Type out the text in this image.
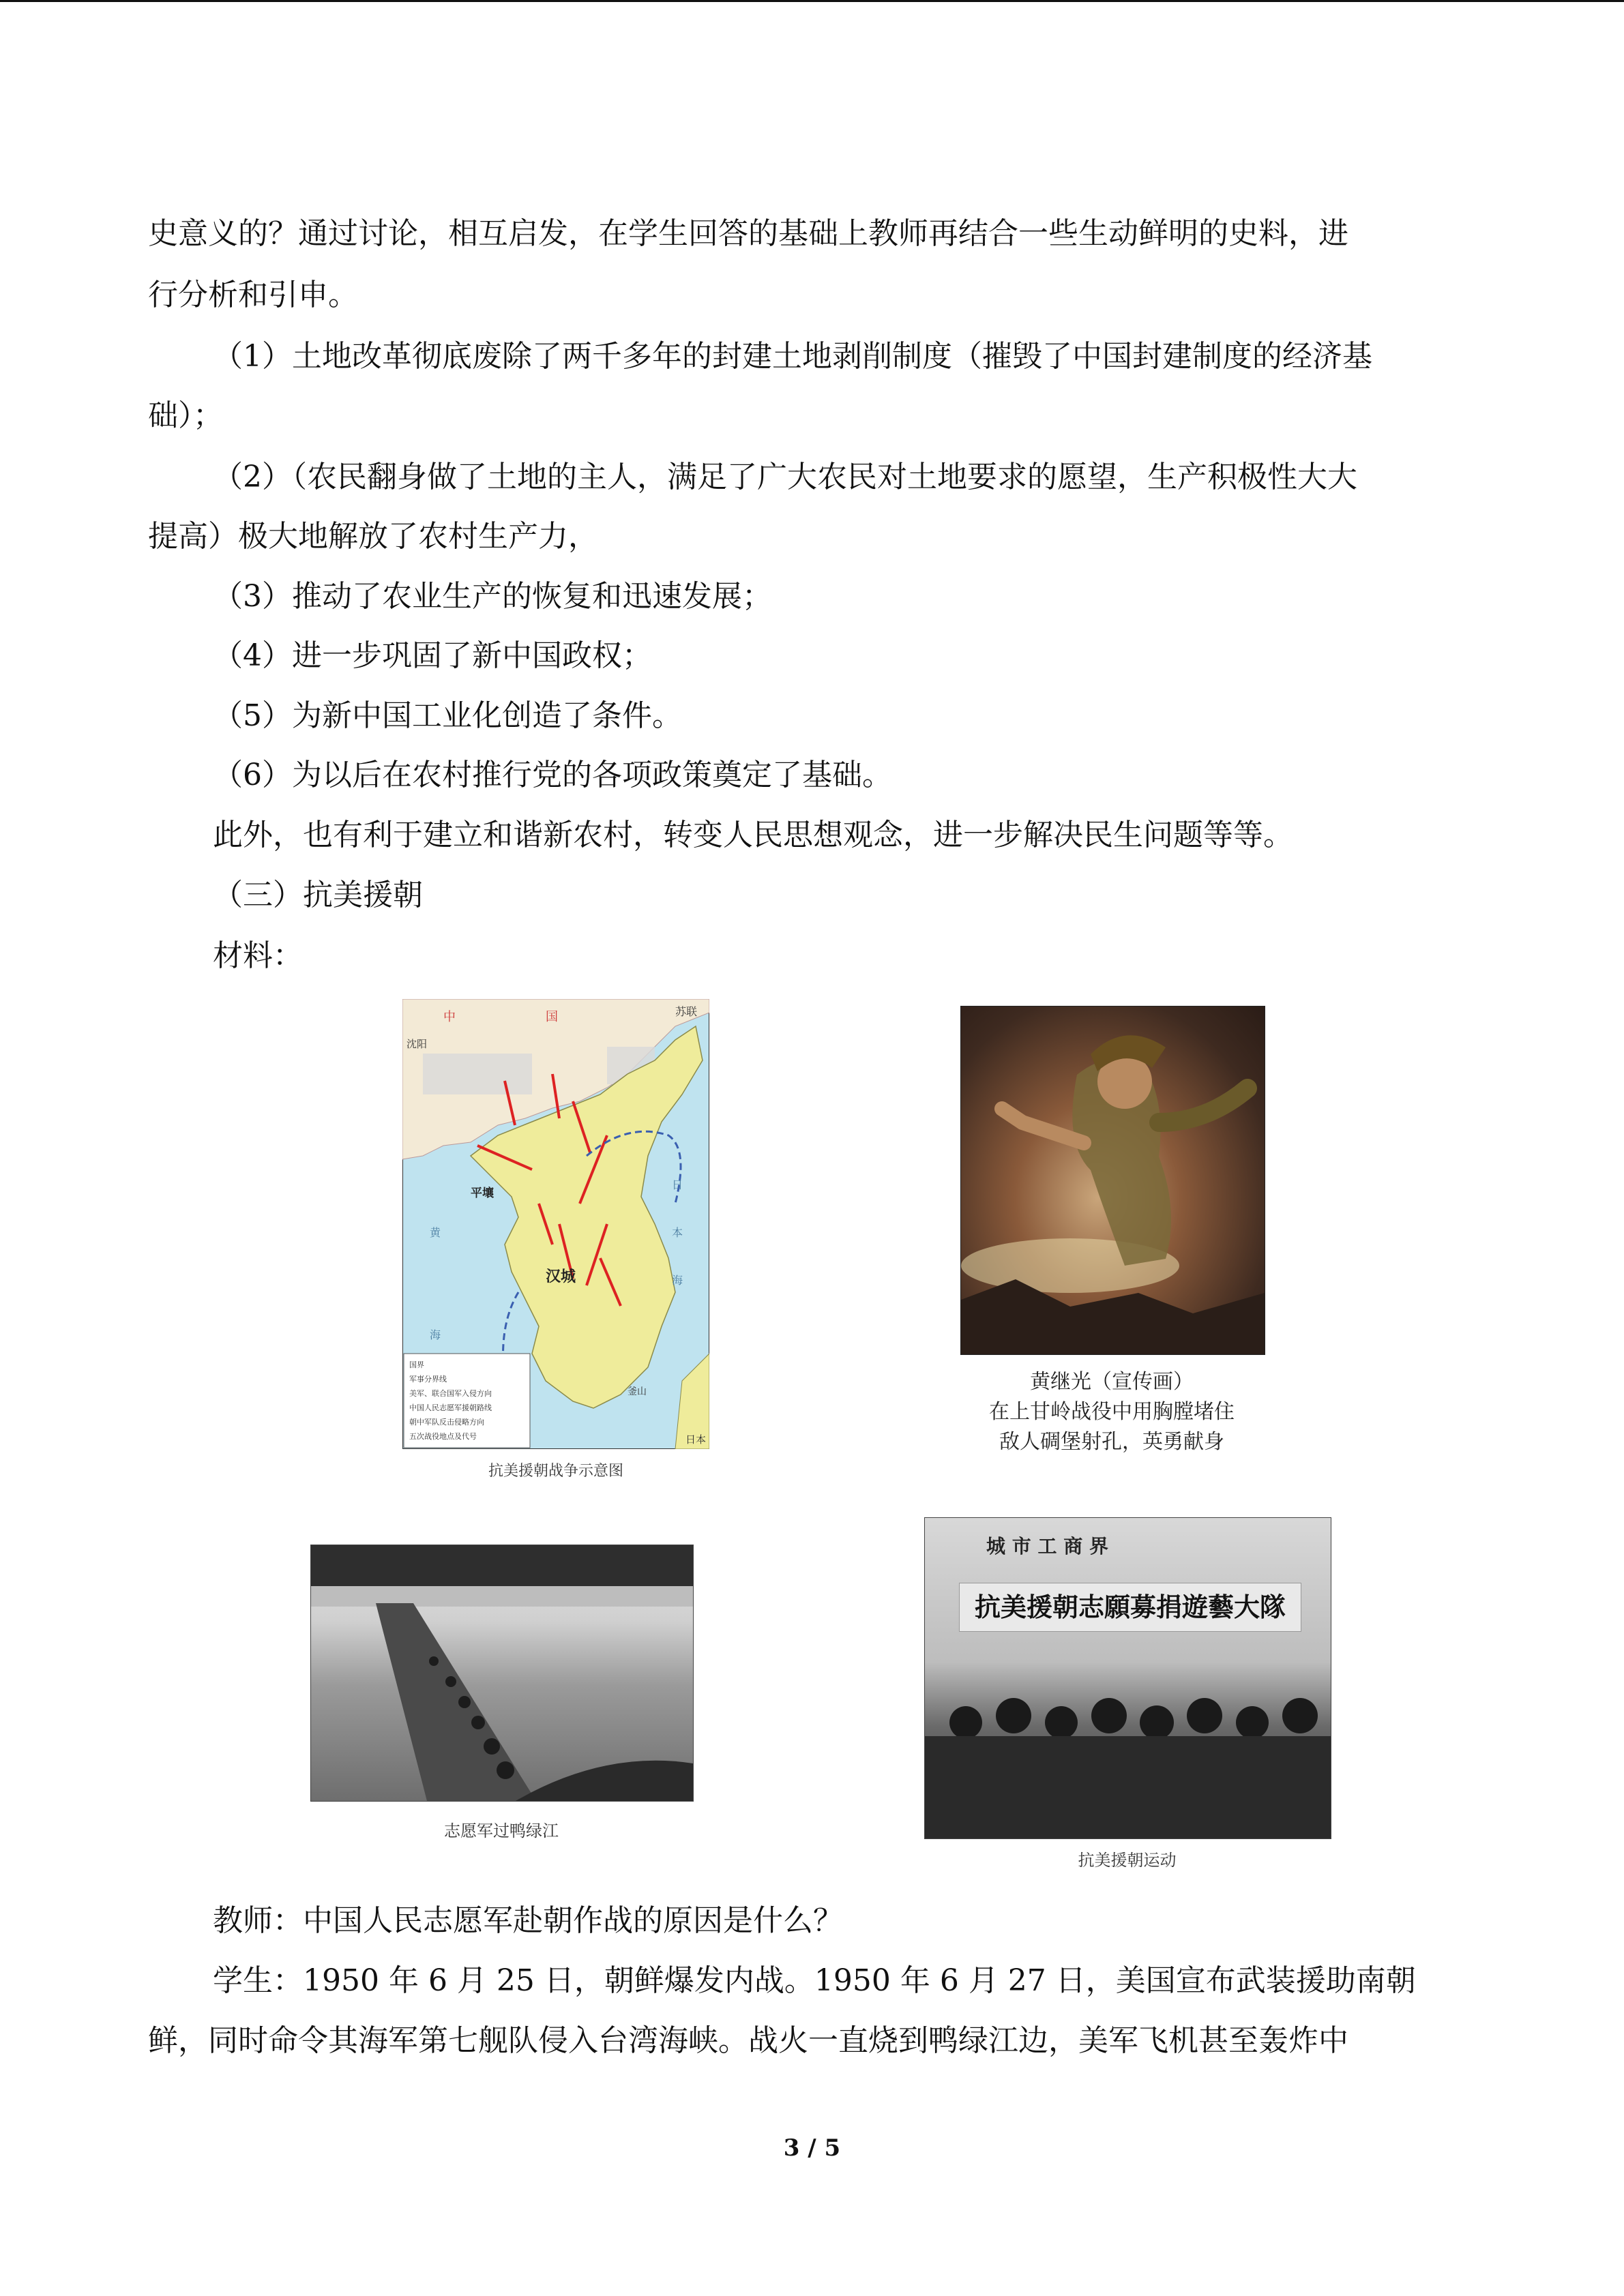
史意义的？通过讨论，相互启发，在学生回答的基础上教师再结合一些生动鲜明的史料，进
行分析和引申。
（1）土地改革彻底废除了两千多年的封建土地剥削制度（摧毁了中国封建制度的经济基
础）；
（2）（农民翻身做了土地的主人，满足了广大农民对土地要求的愿望，生产积极性大大
提高）极大地解放了农村生产力，
（3）推动了农业生产的恢复和迅速发展；
（4）进一步巩固了新中国政权；
（5）为新中国工业化创造了条件。
（6）为以后在农村推行党的各项政策奠定了基础。
此外，也有利于建立和谐新农村，转变人民思想观念，进一步解决民生问题等等。
（三）抗美援朝
材料：
中	国	苏联
沈阳
平壤
汉城
釜山
日本
日
本
海
黄
海
国界
军事分界线
美军、联合国军入侵方向
中国人民志愿军援朝路线
朝中军队反击侵略方向
五次战役地点及代号
抗美援朝战争示意图
黄继光（宣传画）
在上甘岭战役中用胸膛堵住
敌人碉堡射孔，英勇献身
志愿军过鸭绿江
城 市 工 商 界
抗美援朝志願募捐遊藝大隊
抗美援朝运动
教师：中国人民志愿军赴朝作战的原因是什么？
学生：1950 年 6 月 25 日，朝鲜爆发内战。1950 年 6 月 27 日，美国宣布武装援助南朝
鲜，同时命令其海军第七舰队侵入台湾海峡。战火一直烧到鸭绿江边，美军飞机甚至轰炸中
3 / 5
